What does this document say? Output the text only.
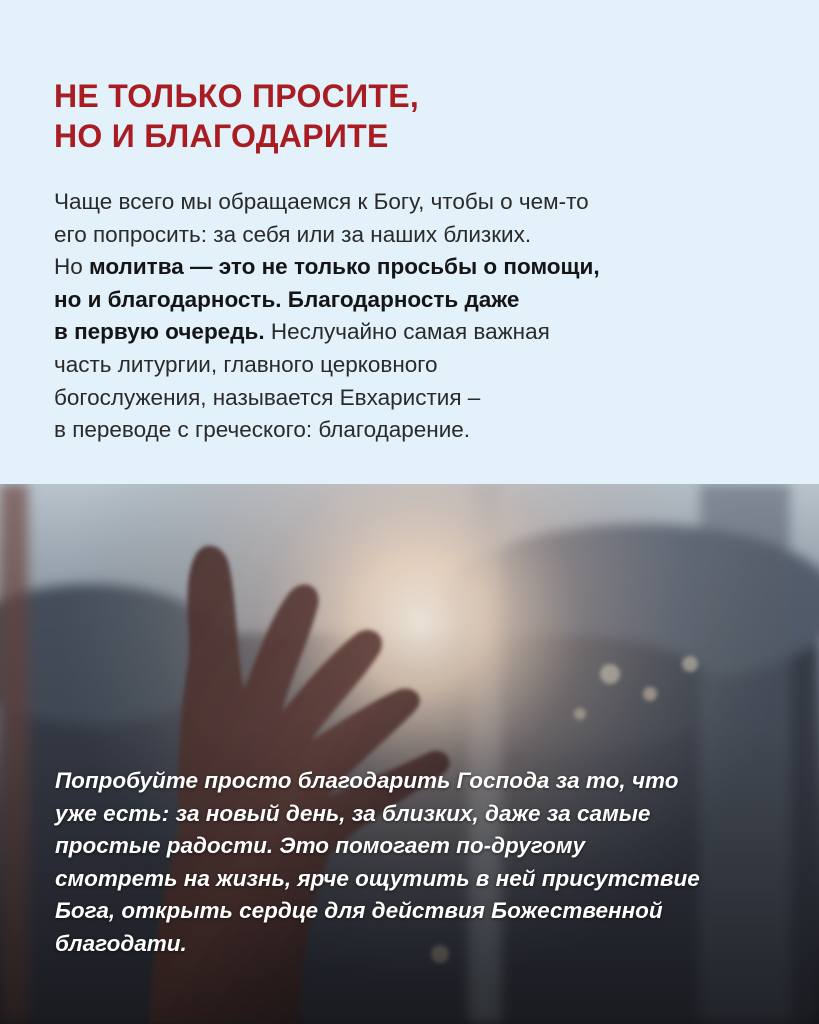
НЕ ТОЛЬКО ПРОСИТЕ,
НО И БЛАГОДАРИТЕ

Чаще всего мы обращаемся к Богу, чтобы о чем-то
его попросить: за себя или за наших близких.
Но молитва — это не только просьбы о помощи,
но и благодарность. Благодарность даже
в первую очередь. Неслучайно самая важная
часть литургии, главного церковного
богослужения, называется Евхаристия –
в переводе с греческого: благодарение.

Попробуйте просто благодарить Господа за то, что
уже есть: за новый день, за близких, даже за самые
простые радости. Это помогает по-другому
смотреть на жизнь, ярче ощутить в ней присутствие
Бога, открыть сердце для действия Божественной
благодати.
